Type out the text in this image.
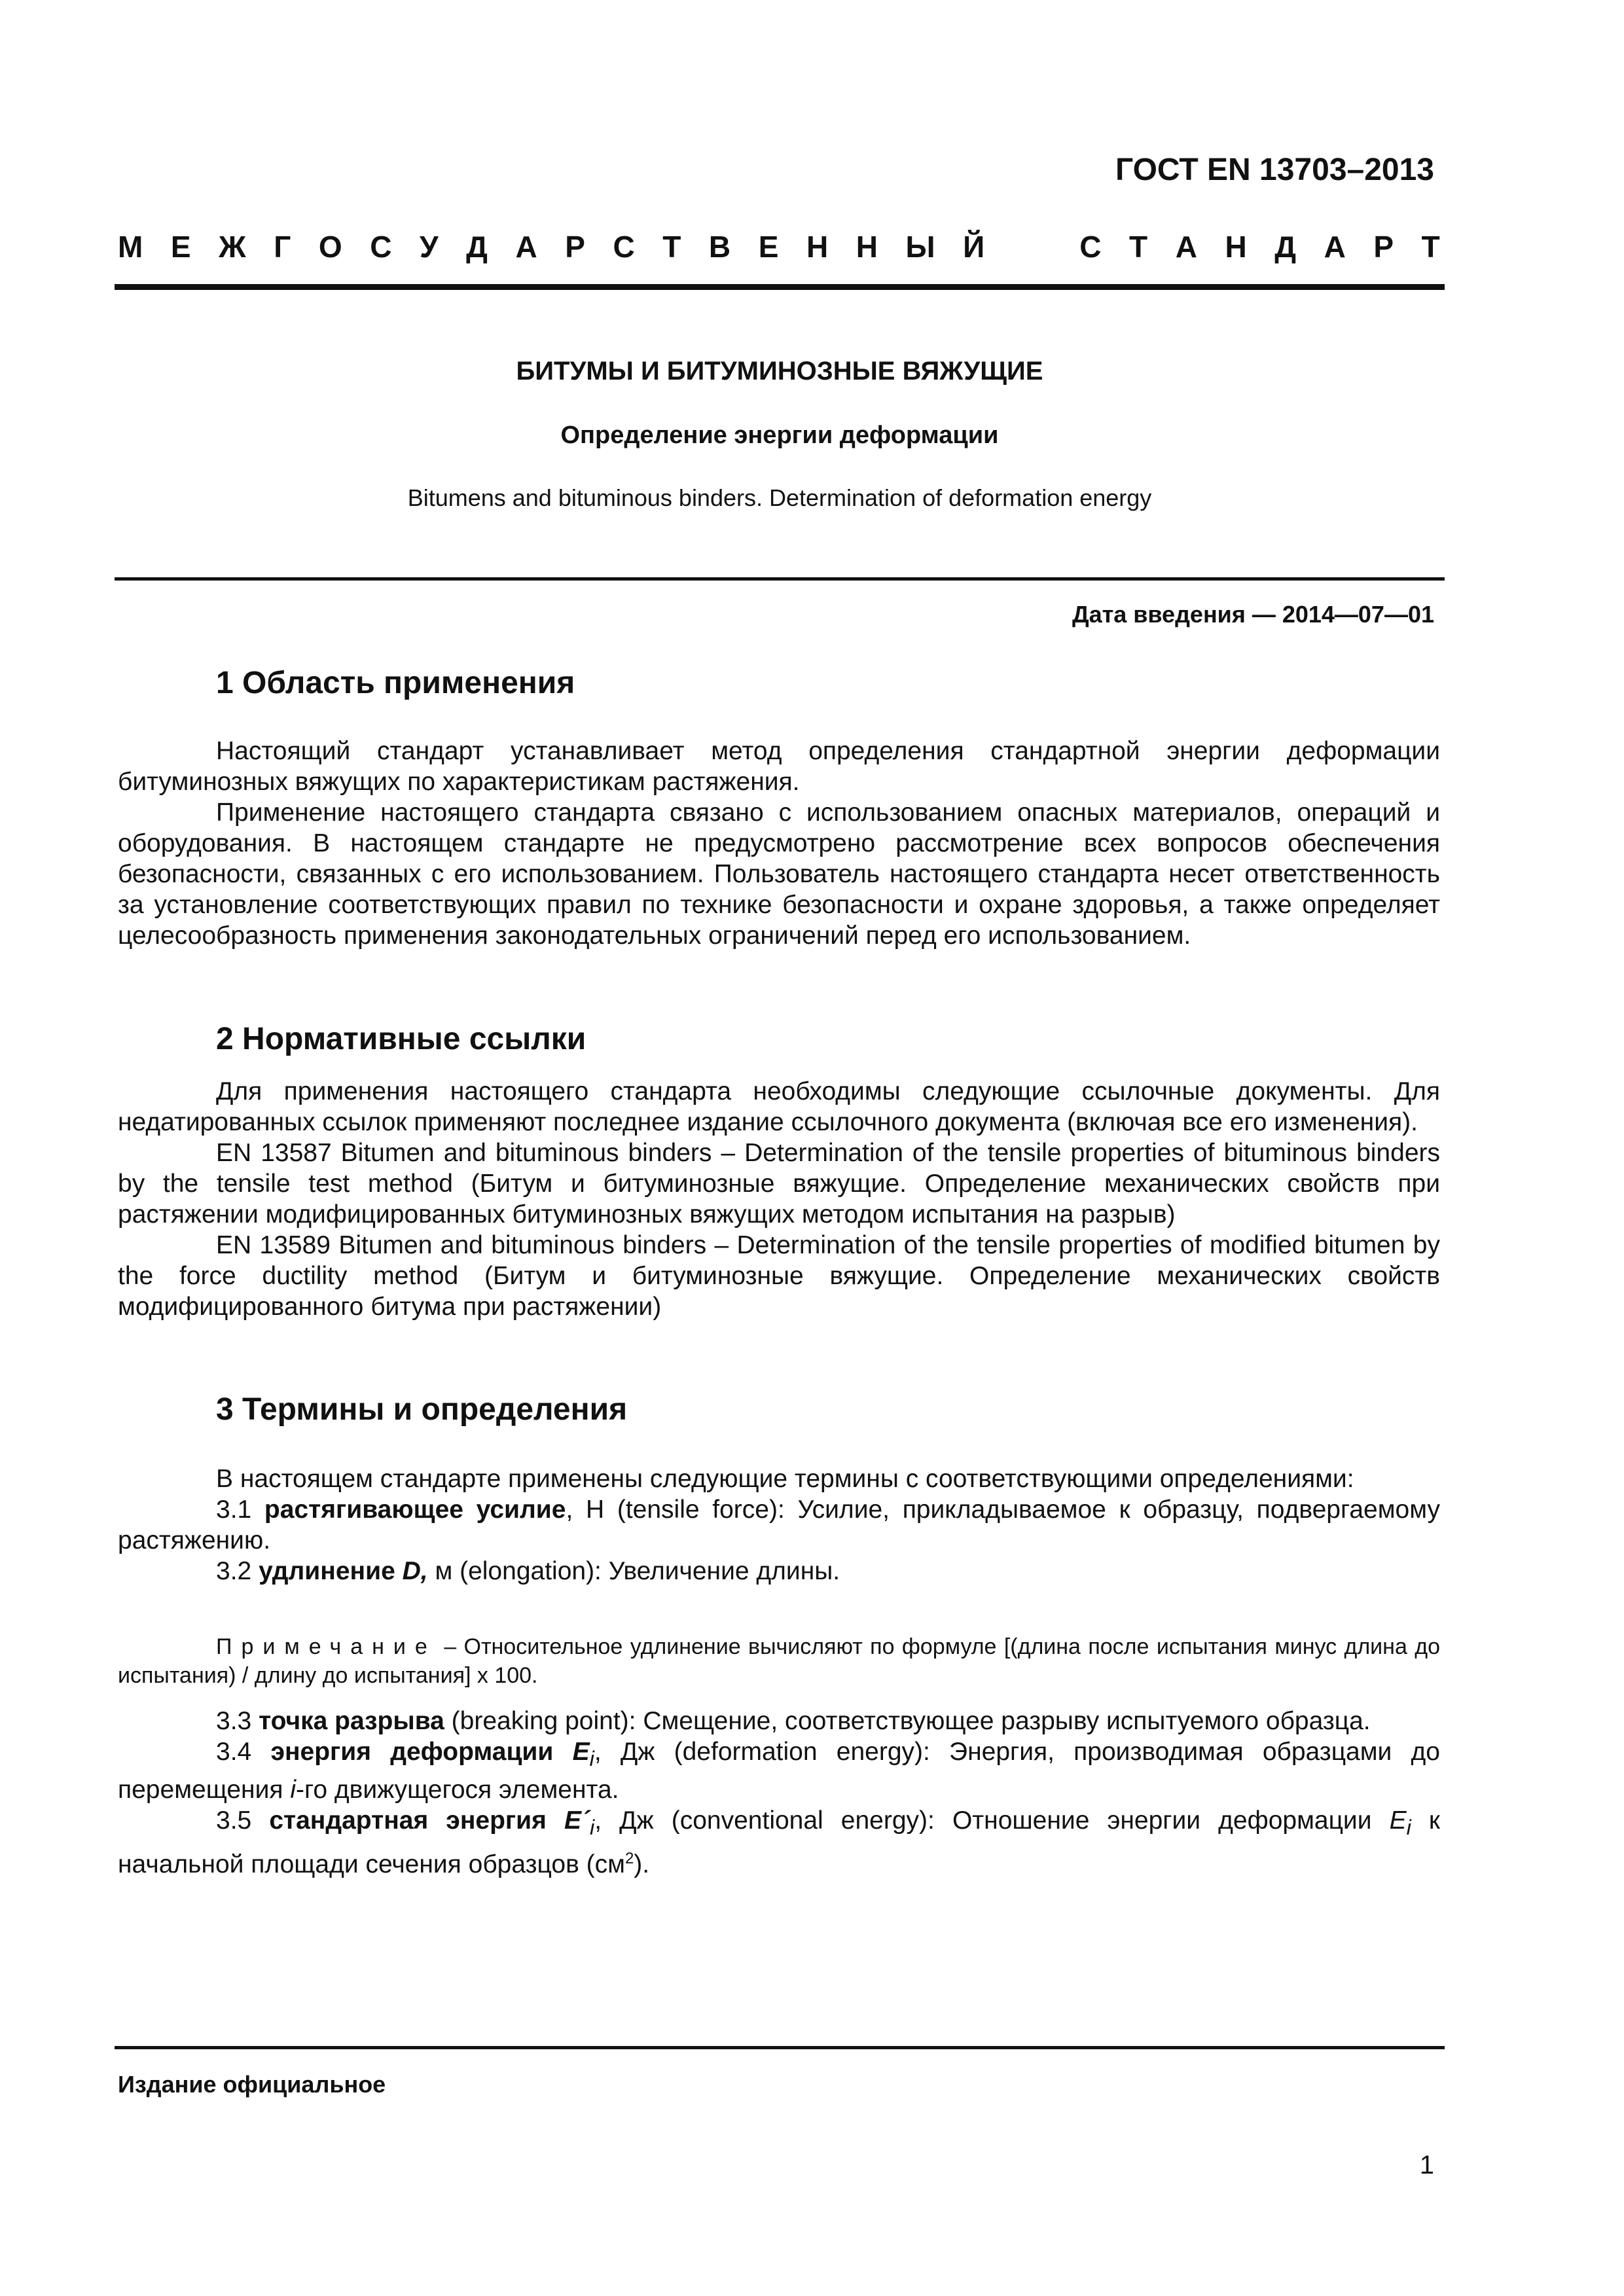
ГОСТ EN 13703–2013
М Е Ж Г О С У Д А Р С Т В Е Н Н Ы Й	С Т А Н Д А Р Т
БИТУМЫ И БИТУМИНОЗНЫЕ ВЯЖУЩИЕ
Определение энергии деформации
Bitumens and bituminous binders. Determination of deformation energy
Дата введения — 2014—07—01
1 Область применения

Настоящий стандарт устанавливает метод определения стандартной энергии деформации битуминозных вяжущих по характеристикам растяжения.

Применение настоящего стандарта связано с использованием опасных материалов, операций и оборудования. В настоящем стандарте не предусмотрено рассмотрение всех вопросов обеспечения безопасности, связанных с его использованием. Пользователь настоящего стандарта несет ответственность за установление соответствующих правил по технике безопасности и охране здоровья, а также определяет целесообразность применения законодательных ограничений перед его использованием.

2 Нормативные ссылки

Для применения настоящего стандарта необходимы следующие ссылочные документы. Для недатированных ссылок применяют последнее издание ссылочного документа (включая все его изменения).

EN 13587 Bitumen and bituminous binders – Determination of the tensile properties of bituminous binders by the tensile test method (Битум и битуминозные вяжущие. Определение механических свойств при растяжении модифицированных битуминозных вяжущих методом испытания на разрыв)

EN 13589 Bitumen and bituminous binders – Determination of the tensile properties of modified bitumen by the force ductility method (Битум и битуминозные вяжущие. Определение механических свойств модифицированного битума при растяжении)

3 Термины и определения

В настоящем стандарте применены следующие термины с соответствующими определениями:

3.1 растягивающее усилие, Н (tensile force): Усилие, прикладываемое к образцу, подвергаемому растяжению.

3.2 удлинение D, м (elongation): Увеличение длины.

Примечание – Относительное удлинение вычисляют по формуле [(длина после испытания минус длина до испытания) / длину до испытания] x 100.

3.3 точка разрыва (breaking point): Смещение, соответствующее разрыву испытуемого образца.

3.4 энергия деформации $E_i$, Дж (deformation energy): Энергия, производимая образцами до перемещения i-го движущегося элемента.

3.5 стандартная энергия $E´_i$, Дж (conventional energy): Отношение энергии деформации $E_i$ к начальной площади сечения образцов $(см^2)$.

Издание официальное
1
